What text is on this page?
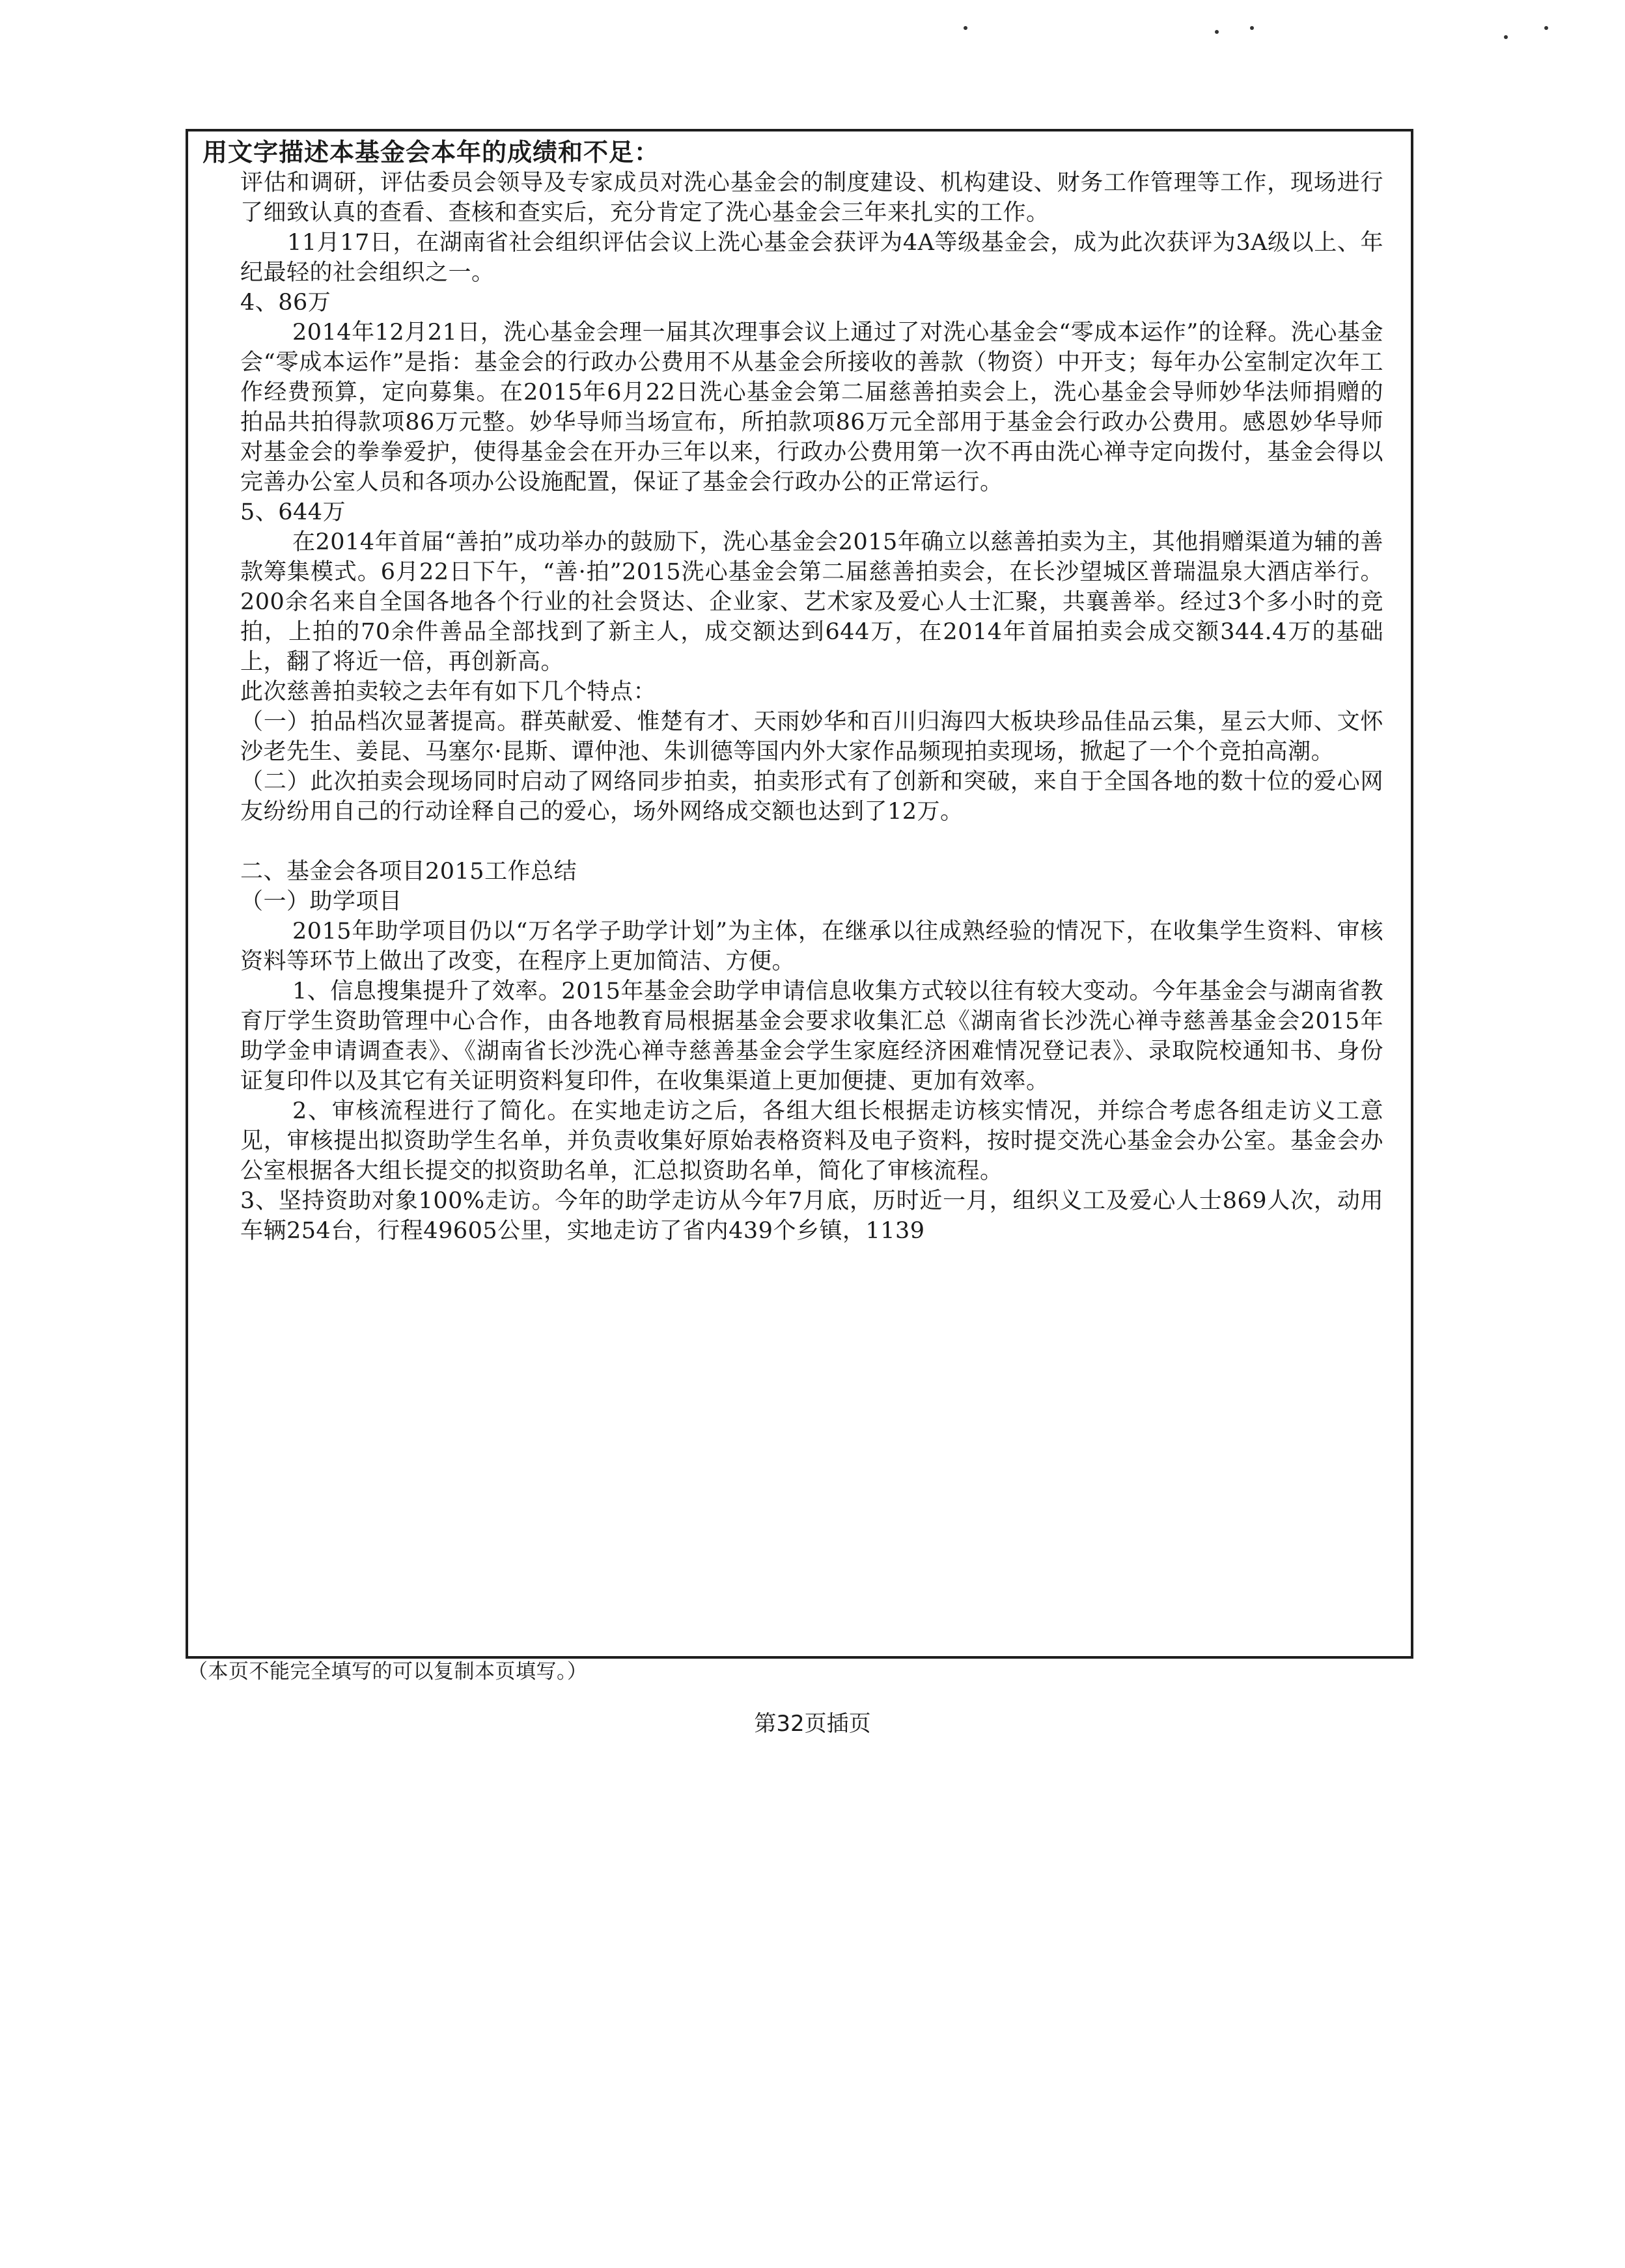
用文字描述本基金会本年的成绩和不足：

评估和调研，评估委员会领导及专家成员对洗心基金会的制度建设、机构建设、财务工作管理等工作，现场进行了细致认真的查看、查核和查实后，充分肯定了洗心基金会三年来扎实的工作。

11月17日，在湖南省社会组织评估会议上洗心基金会获评为4A等级基金会，成为此次获评为3A级以上、年纪最轻的社会组织之一。

4、86万

2014年12月21日，洗心基金会理一届其次理事会议上通过了对洗心基金会“零成本运作”的诠释。洗心基金会“零成本运作”是指：基金会的行政办公费用不从基金会所接收的善款（物资）中开支；每年办公室制定次年工作经费预算，定向募集。在2015年6月22日洗心基金会第二届慈善拍卖会上，洗心基金会导师妙华法师捐赠的拍品共拍得款项86万元整。妙华导师当场宣布，所拍款项86万元全部用于基金会行政办公费用。感恩妙华导师对基金会的拳拳爱护，使得基金会在开办三年以来，行政办公费用第一次不再由洗心禅寺定向拨付，基金会得以完善办公室人员和各项办公设施配置，保证了基金会行政办公的正常运行。

5、644万

在2014年首届“善拍”成功举办的鼓励下，洗心基金会2015年确立以慈善拍卖为主，其他捐赠渠道为辅的善款筹集模式。6月22日下午，“善·拍”2015洗心基金会第二届慈善拍卖会，在长沙望城区普瑞温泉大酒店举行。200余名来自全国各地各个行业的社会贤达、企业家、艺术家及爱心人士汇聚，共襄善举。经过3个多小时的竞拍，上拍的70余件善品全部找到了新主人，成交额达到644万，在2014年首届拍卖会成交额344.4万的基础上，翻了将近一倍，再创新高。

此次慈善拍卖较之去年有如下几个特点：

（一）拍品档次显著提高。群英献爱、惟楚有才、天雨妙华和百川归海四大板块珍品佳品云集，星云大师、文怀沙老先生、姜昆、马塞尔·昆斯、谭仲池、朱训德等国内外大家作品频现拍卖现场，掀起了一个个竞拍高潮。

（二）此次拍卖会现场同时启动了网络同步拍卖，拍卖形式有了创新和突破，来自于全国各地的数十位的爱心网友纷纷用自己的行动诠释自己的爱心，场外网络成交额也达到了12万。

二、基金会各项目2015工作总结

（一）助学项目

2015年助学项目仍以“万名学子助学计划”为主体，在继承以往成熟经验的情况下，在收集学生资料、审核资料等环节上做出了改变，在程序上更加简洁、方便。

1、信息搜集提升了效率。2015年基金会助学申请信息收集方式较以往有较大变动。今年基金会与湖南省教育厅学生资助管理中心合作，由各地教育局根据基金会要求收集汇总《湖南省长沙洗心禅寺慈善基金会2015年助学金申请调查表》、《湖南省长沙洗心禅寺慈善基金会学生家庭经济困难情况登记表》、录取院校通知书、身份证复印件以及其它有关证明资料复印件，在收集渠道上更加便捷、更加有效率。

2、审核流程进行了简化。在实地走访之后，各组大组长根据走访核实情况，并综合考虑各组走访义工意见，审核提出拟资助学生名单，并负责收集好原始表格资料及电子资料，按时提交洗心基金会办公室。基金会办公室根据各大组长提交的拟资助名单，汇总拟资助名单，简化了审核流程。

3、坚持资助对象100%走访。今年的助学走访从今年7月底，历时近一月，组织义工及爱心人士869人次，动用车辆254台，行程49605公里，实地走访了省内439个乡镇，1139

（本页不能完全填写的可以复制本页填写。）
第32页插页
